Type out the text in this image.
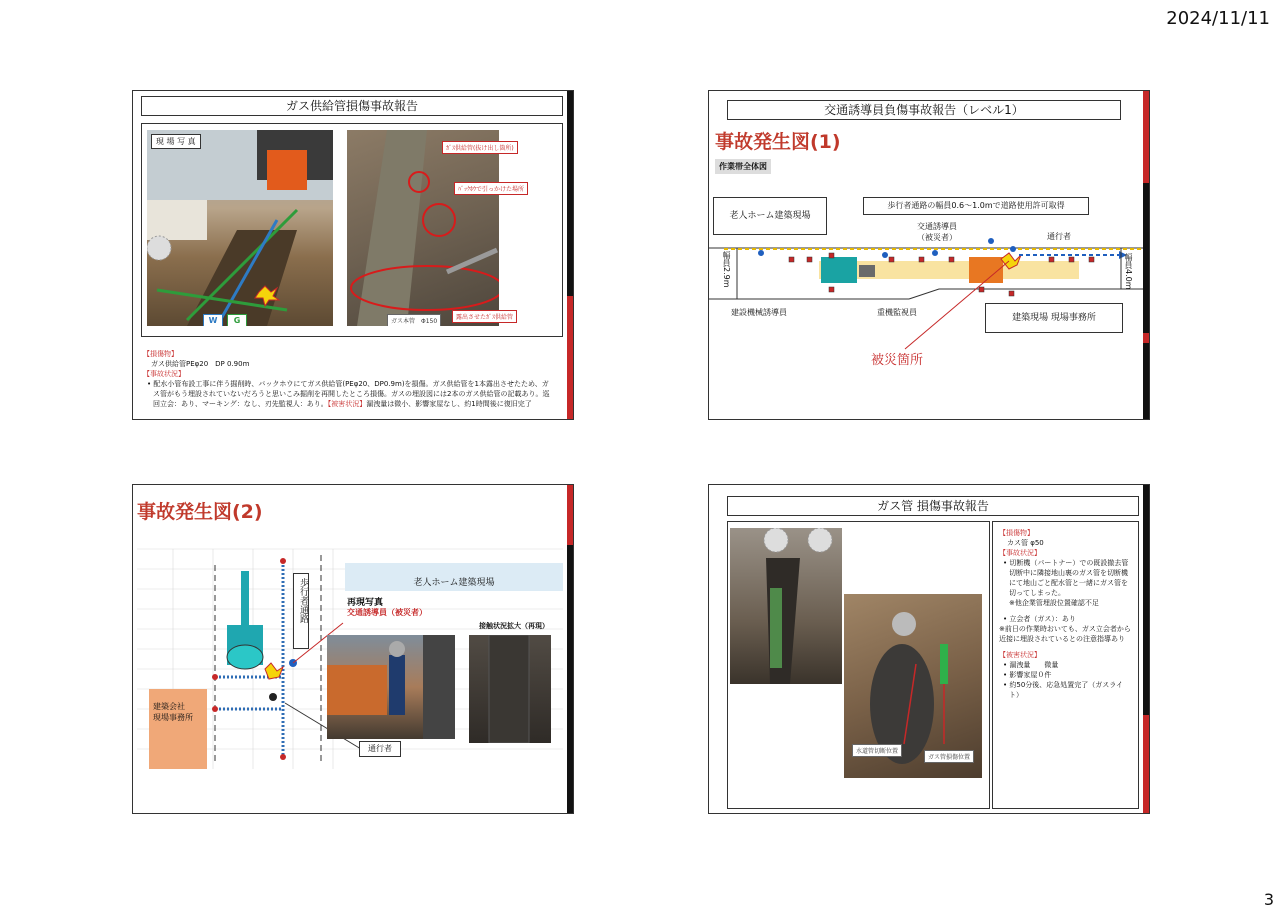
2024/11/11
3
ガス供給管損傷事故報告
現 場 写 真
W	G	ガス本管　Φ150
ｶﾞｽ供給管(抜け出し箇所)
ﾊﾞｯｸﾎｳで引っかけた場所
露出させたｶﾞｽ供給管
【損傷物】
ガス供給管PEφ20　DP 0.90m
【事故状況】
• 配水小管布設工事に伴う掘削時、バックホウにてガス供給管(PEφ20、DP0.9m)を損傷。ガス供給管を1本露出させたため、ガス管がもう埋設されていないだろうと思いこみ掘削を再開したところ損傷。ガスの埋設図には2本のガス供給管の記載あり。巡回立会：あり、マーキング：なし、刃先監視人：あり。【被害状況】漏洩量は微小、影響家屋なし、約1時間後に復旧完了
交通誘導員負傷事故報告（レベル1）
事故発生図(1)
作業帯全体図
老人ホーム建築現場
歩行者通路の幅員0.6～1.0mで道路使用許可取得
交通誘導員
（被災者）	通行者
幅員2.9m	幅員4.0m
建設機械誘導員	重機監視員
建築現場 現場事務所
被災箇所
事故発生図(2)
老人ホーム建築現場
歩行者通路	再現写真
交通誘導員（被災者）
接触状況拡大（再現）
建築会社
現場事務所
通行者
ガス管 損傷事故報告
水道管切断位置
ガス管損傷位置
【損傷物】
カス管 φ50
【事故状況】
• 切断機（パートナー）での既設撤去管切断中に隣接地山裏のガス管を切断機にて地山ごと配水管と一緒にガス管を切ってしまった。
※他企業管埋設位置確認不足
• 立会者（ガス）：あり
※前日の作業時おいても、ガス立会者から近接に埋設されているとの注意指導あり
【被害状況】
• 漏洩量　　微量
• 影響家屋０件
• 約50分後、応急処置完了（ガスライト）
